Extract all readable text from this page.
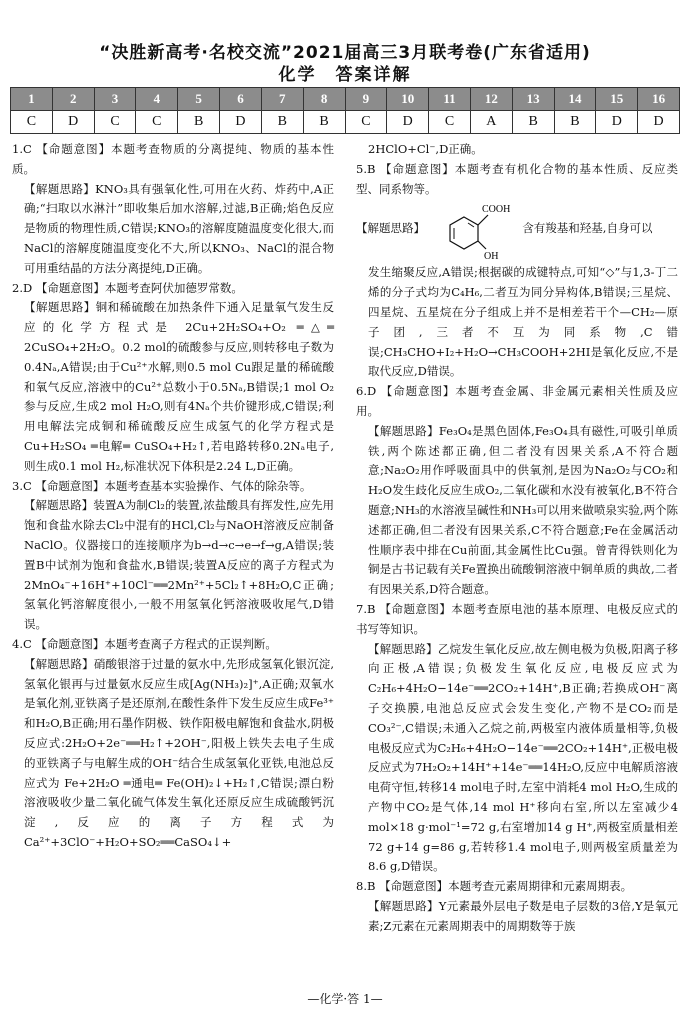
“决胜新高考·名校交流”2021届高三3月联考卷(广东省适用)
化学　答案详解
1	2	3	4	5	6	7	8	9	10	11	12	13	14	15	16
C	D	C	C	B	D	B	B	C	D	C	A	B	B	D	D

1.C 【命题意图】本题考查物质的分离提纯、物质的基本性质。

【解题思路】KNO₃具有强氧化性,可用在火药、炸药中,A正确;“扫取以水淋汁”即收集后加水溶解,过滤,B正确;焰色反应是物质的物理性质,C错误;KNO₃的溶解度随温度变化很大,而NaCl的溶解度随温度变化不大,所以KNO₃、NaCl的混合物可用重结晶的方法分离提纯,D正确。

2.D 【命题意图】本题考查阿伏加德罗常数。

【解题思路】铜和稀硫酸在加热条件下通入足量氧气发生反应的化学方程式是 2Cu+2H₂SO₄+O₂ ═△═ 2CuSO₄+2H₂O。0.2 mol的硫酸参与反应,则转移电子数为0.4Nₐ,A错误;由于Cu²⁺水解,则0.5 mol Cu跟足量的稀硫酸和氧气反应,溶液中的Cu²⁺总数小于0.5Nₐ,B错误;1 mol O₂参与反应,生成2 mol H₂O,则有4Nₐ个共价键形成,C错误;利用电解法完成铜和稀硫酸反应生成氢气的化学方程式是 Cu+H₂SO₄ ═电解═ CuSO₄+H₂↑,若电路转移0.2Nₐ电子,则生成0.1 mol H₂,标准状况下体积是2.24 L,D正确。

3.C 【命题意图】本题考查基本实验操作、气体的除杂等。

【解题思路】装置A为制Cl₂的装置,浓盐酸具有挥发性,应先用饱和食盐水除去Cl₂中混有的HCl,Cl₂与NaOH溶液反应制备NaClO。仪器接口的连接顺序为b→d→c→e→f→g,A错误;装置B中试剂为饱和食盐水,B错误;装置A反应的离子方程式为2MnO₄⁻+16H⁺+10Cl⁻══2Mn²⁺+5Cl₂↑+8H₂O,C正确;氢氧化钙溶解度很小,一般不用氢氧化钙溶液吸收尾气,D错误。

4.C 【命题意图】本题考查离子方程式的正误判断。

【解题思路】硝酸银溶于过量的氨水中,先形成氢氧化银沉淀,氢氧化银再与过量氨水反应生成[Ag(NH₃)₂]⁺,A正确;双氧水是氧化剂,亚铁离子是还原剂,在酸性条件下发生反应生成Fe³⁺和H₂O,B正确;用石墨作阴极、铁作阳极电解饱和食盐水,阴极反应式:2H₂O+2e⁻══H₂↑+2OH⁻,阳极上铁失去电子生成的亚铁离子与电解生成的OH⁻结合生成氢氧化亚铁,电池总反应式为 Fe+2H₂O ═通电═ Fe(OH)₂↓+H₂↑,C错误;漂白粉溶液吸收少量二氧化硫气体发生氧化还原反应生成硫酸钙沉淀,反应的离子方程式为Ca²⁺+3ClO⁻+H₂O+SO₂══CaSO₄↓+

2HClO+Cl⁻,D正确。

5.B 【命题意图】本题考查有机化合物的基本性质、反应类型、同系物等。

【解题思路】	含有羧基和羟基,自身可以
COOH
OH

发生缩聚反应,A错误;根据碳的成键特点,可知“◇”与1,3-丁二烯的分子式均为C₄H₆,二者互为同分异构体,B错误;三星烷、四星烷、五星烷在分子组成上并不是相差若干个—CH₂—原子团,三者不互为同系物,C错误;CH₃CHO+I₂+H₂O→CH₃COOH+2HI是氧化反应,不是取代反应,D错误。

6.D 【命题意图】本题考查金属、非金属元素相关性质及应用。

【解题思路】Fe₃O₄是黑色固体,Fe₃O₄具有磁性,可吸引单质铁,两个陈述都正确,但二者没有因果关系,A不符合题意;Na₂O₂用作呼吸面具中的供氧剂,是因为Na₂O₂与CO₂和H₂O发生歧化反应生成O₂,二氧化碳和水没有被氧化,B不符合题意;NH₃的水溶液呈碱性和NH₃可以用来做喷泉实验,两个陈述都正确,但二者没有因果关系,C不符合题意;Fe在金属活动性顺序表中排在Cu前面,其金属性比Cu强。曾青得铁则化为铜是古书记载有关Fe置换出硫酸铜溶液中铜单质的典故,二者有因果关系,D符合题意。

7.B 【命题意图】本题考查原电池的基本原理、电极反应式的书写等知识。

【解题思路】乙烷发生氧化反应,故左侧电极为负极,阳离子移向正极,A错误;负极发生氧化反应,电极反应式为C₂H₆+4H₂O−14e⁻══2CO₂+14H⁺,B正确;若换成OH⁻离子交换膜,电池总反应式会发生变化,产物不是CO₂而是CO₃²⁻,C错误;未通入乙烷之前,两极室内液体质量相等,负极电极反应式为C₂H₆+4H₂O−14e⁻══2CO₂+14H⁺,正极电极反应式为7H₂O₂+14H⁺+14e⁻══14H₂O,反应中电解质溶液电荷守恒,转移14 mol电子时,左室中消耗4 mol H₂O,生成的产物中CO₂是气体,14 mol H⁺移向右室,所以左室减少4 mol×18 g·mol⁻¹=72 g,右室增加14 g H⁺,两极室质量相差72 g+14 g=86 g,若转移1.4 mol电子,则两极室质量差为8.6 g,D错误。

8.B 【命题意图】本题考查元素周期律和元素周期表。

【解题思路】Y元素最外层电子数是电子层数的3倍,Y是氧元素;Z元素在元素周期表中的周期数等于族

—化学·答 1—
